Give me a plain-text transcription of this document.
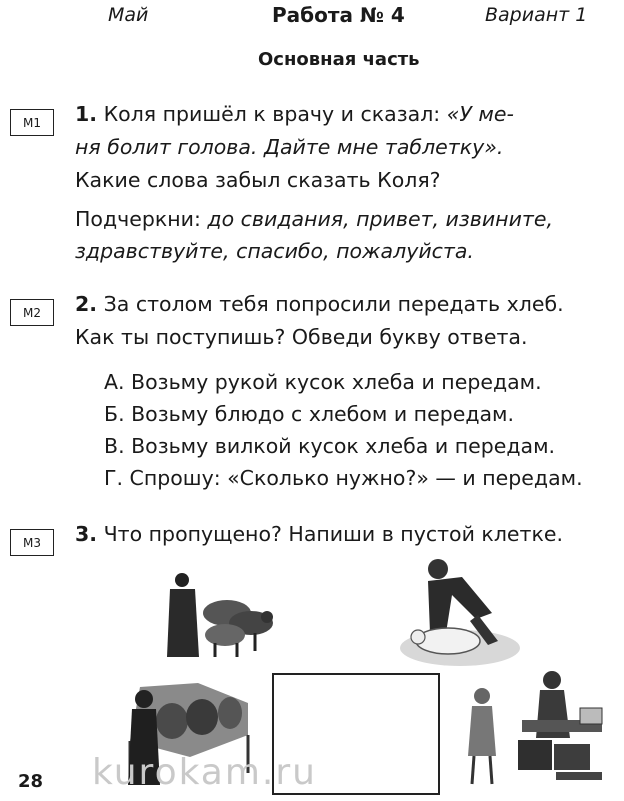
Май	Работа № 4	Вариант 1
Основная часть
М1
М2
М3
1. Коля пришёл к врачу и сказал: «У ме-
ня болит голова. Дайте мне таблетку».
Какие слова забыл сказать Коля?
Подчеркни: до свидания, привет, извините,
здравствуйте, спасибо, пожалуйста.
2. За столом тебя попросили передать хлеб.
Как ты поступишь? Обведи букву ответа.
А. Возьму рукой кусок хлеба и передам.
Б. Возьму блюдо с хлебом и передам.
В. Возьму вилкой кусок хлеба и передам.
Г. Спрошу: «Сколько нужно?» — и передам.
3. Что пропущено? Напиши в пустой клетке.
28 kurokam.ru
